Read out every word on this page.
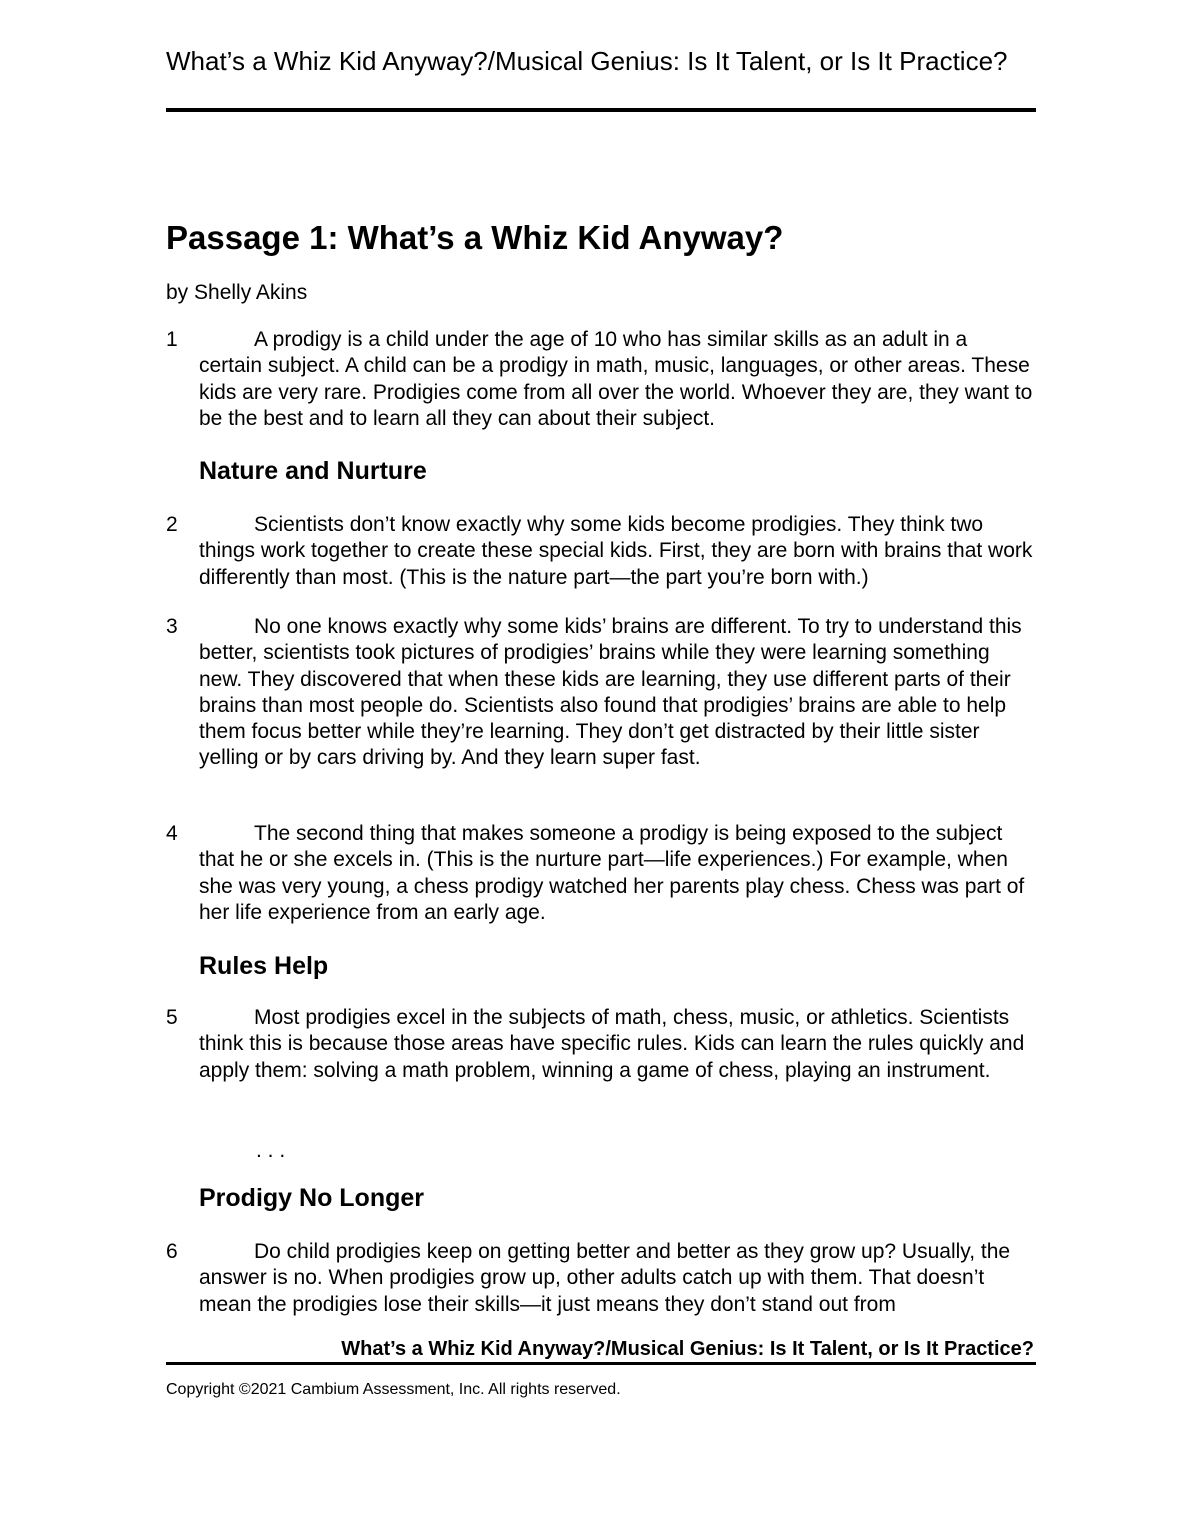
What’s a Whiz Kid Anyway?/Musical Genius: Is It Talent, or Is It Practice?
Passage 1: What’s a Whiz Kid Anyway?
by Shelly Akins
1	A prodigy is a child under the age of 10 who has similar skills as an adult in a certain subject. A child can be a prodigy in math, music, languages, or other areas. These kids are very rare. Prodigies come from all over the world. Whoever they are, they want to be the best and to learn all they can about their subject.
Nature and Nurture
2	Scientists don’t know exactly why some kids become prodigies. They think two things work together to create these special kids. First, they are born with brains that work differently than most. (This is the nature part—the part you’re born with.)
3	No one knows exactly why some kids’ brains are different. To try to understand this better, scientists took pictures of prodigies’ brains while they were learning something new. They discovered that when these kids are learning, they use different parts of their brains than most people do. Scientists also found that prodigies’ brains are able to help them focus better while they’re learning. They don’t get distracted by their little sister yelling or by cars driving by. And they learn super fast.
4	The second thing that makes someone a prodigy is being exposed to the subject that he or she excels in. (This is the nurture part—life experiences.) For example, when she was very young, a chess prodigy watched her parents play chess. Chess was part of her life experience from an early age.
Rules Help
5	Most prodigies excel in the subjects of math, chess, music, or athletics. Scientists think this is because those areas have specific rules. Kids can learn the rules quickly and apply them: solving a math problem, winning a game of chess, playing an instrument.
. . .
Prodigy No Longer
6	Do child prodigies keep on getting better and better as they grow up? Usually, the answer is no. When prodigies grow up, other adults catch up with them. That doesn’t mean the prodigies lose their skills—it just means they don’t stand out from
What’s a Whiz Kid Anyway?/Musical Genius: Is It Talent, or Is It Practice?
Copyright ©2021 Cambium Assessment, Inc. All rights reserved.
